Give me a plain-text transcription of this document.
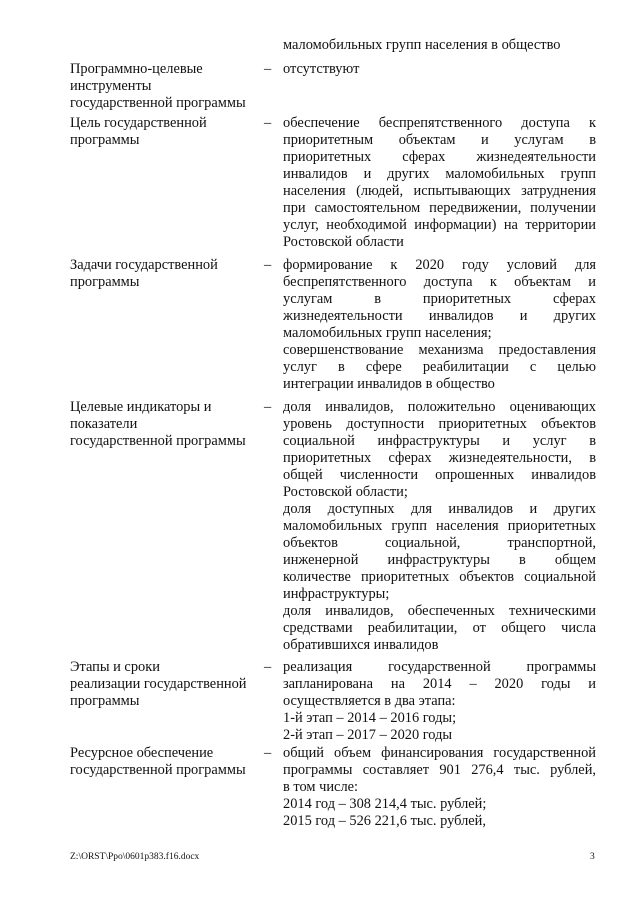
маломобильных групп населения в общество
Программно-целевые
инструменты
государственной программы
– отсутствуют
Цель государственной
программы
– обеспечение беспрепятственного доступа к
приоритетным объектам и услугам в
приоритетных сферах жизнедеятельности
инвалидов и других маломобильных групп
населения (людей, испытывающих затруднения
при самостоятельном передвижении, получении
услуг, необходимой информации) на территории
Ростовской области
Задачи государственной
программы
– формирование к 2020 году условий для
беспрепятственного доступа к объектам и
услугам в приоритетных сферах
жизнедеятельности инвалидов и других
маломобильных групп населения;
совершенствование механизма предоставления
услуг в сфере реабилитации с целью
интеграции инвалидов в общество
Целевые индикаторы и
показатели
государственной программы
– доля инвалидов, положительно оценивающих
уровень доступности приоритетных объектов
социальной инфраструктуры и услуг в
приоритетных сферах жизнедеятельности, в
общей численности опрошенных инвалидов
Ростовской области;
доля доступных для инвалидов и других
маломобильных групп населения приоритетных
объектов социальной, транспортной,
инженерной инфраструктуры в общем
количестве приоритетных объектов социальной
инфраструктуры;
доля инвалидов, обеспеченных техническими
средствами реабилитации, от общего числа
обратившихся инвалидов
Этапы и сроки
реализации государственной
программы
– реализация государственной программы
запланирована на 2014 – 2020 годы и
осуществляется в два этапа:
1-й этап – 2014 – 2016 годы;
2-й этап – 2017 – 2020 годы
Ресурсное обеспечение
государственной программы
– общий объем финансирования государственной
программы составляет 901 276,4 тыс. рублей,
в том числе:
2014 год – 308 214,4 тыс. рублей;
2015 год – 526 221,6 тыс. рублей,
Z:\ORST\Ppo\0601p383.f16.docx	3
